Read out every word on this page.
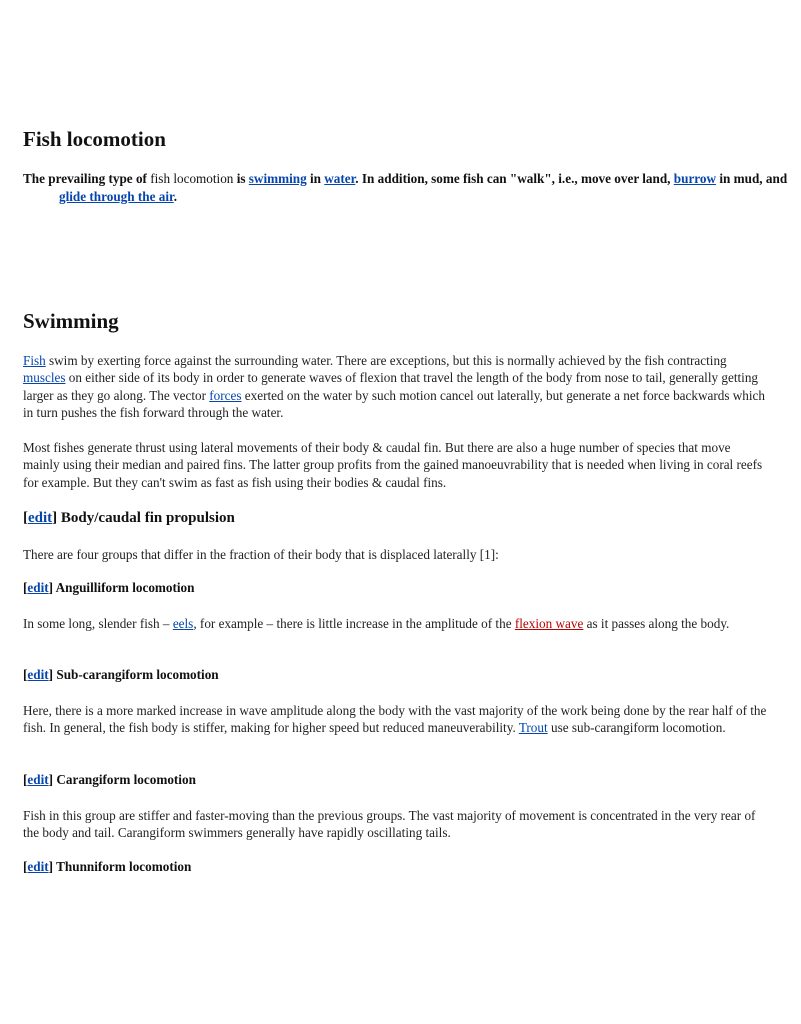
Fish locomotion

The prevailing type of fish locomotion is swimming in water. In addition, some fish can "walk", i.e., move over land, burrow in mud, and glide through the air.

Swimming

Fish swim by exerting force against the surrounding water. There are exceptions, but this is normally achieved by the fish contracting muscles on either side of its body in order to generate waves of flexion that travel the length of the body from nose to tail, generally getting larger as they go along. The vector forces exerted on the water by such motion cancel out laterally, but generate a net force backwards which in turn pushes the fish forward through the water.

Most fishes generate thrust using lateral movements of their body & caudal fin. But there are also a huge number of species that move mainly using their median and paired fins. The latter group profits from the gained manoeuvrability that is needed when living in coral reefs for example. But they can't swim as fast as fish using their bodies & caudal fins.

[edit] Body/caudal fin propulsion

There are four groups that differ in the fraction of their body that is displaced laterally [1]:

[edit] Anguilliform locomotion

In some long, slender fish – eels, for example – there is little increase in the amplitude of the flexion wave as it passes along the body.

[edit] Sub-carangiform locomotion

Here, there is a more marked increase in wave amplitude along the body with the vast majority of the work being done by the rear half of the fish. In general, the fish body is stiffer, making for higher speed but reduced maneuverability. Trout use sub-carangiform locomotion.

[edit] Carangiform locomotion

Fish in this group are stiffer and faster-moving than the previous groups. The vast majority of movement is concentrated in the very rear of the body and tail. Carangiform swimmers generally have rapidly oscillating tails.

[edit] Thunniform locomotion
